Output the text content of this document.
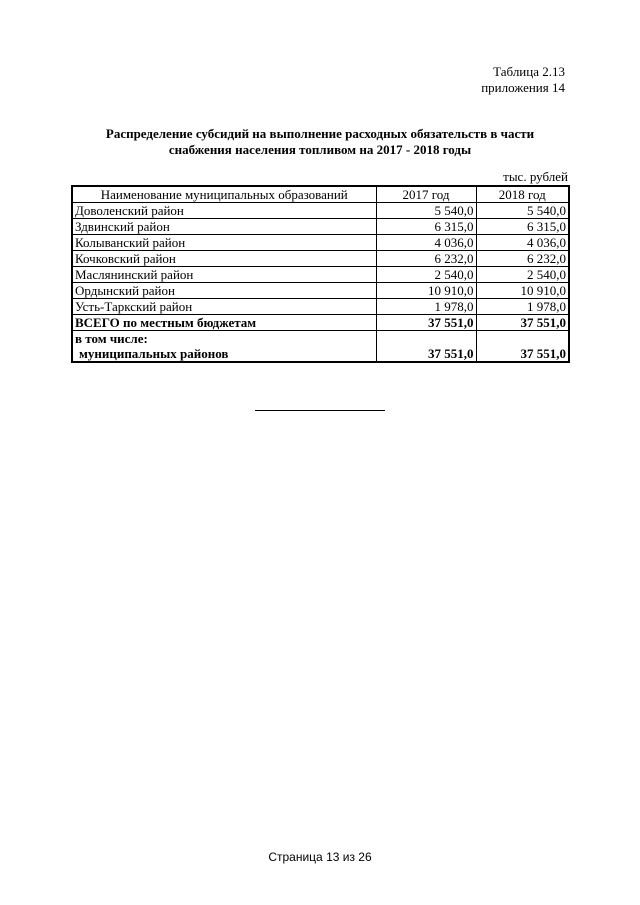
Таблица 2.13
приложения 14
Распределение субсидий на выполнение расходных обязательств в части
снабжения населения топливом на 2017 - 2018 годы
тыс. рублей
Наименование муниципальных образований	2017 год	2018 год
Доволенский район	5 540,0	5 540,0
Здвинский район	6 315,0	6 315,0
Колыванский район	4 036,0	4 036,0
Кочковский район	6 232,0	6 232,0
Маслянинский район	2 540,0	2 540,0
Ордынский район	10 910,0	10 910,0
Усть-Таркский район	1 978,0	1 978,0
ВСЕГО по местным бюджетам	37 551,0	37 551,0
в том числе:		
муниципальных районов	37 551,0	37 551,0
Страница 13 из 26
